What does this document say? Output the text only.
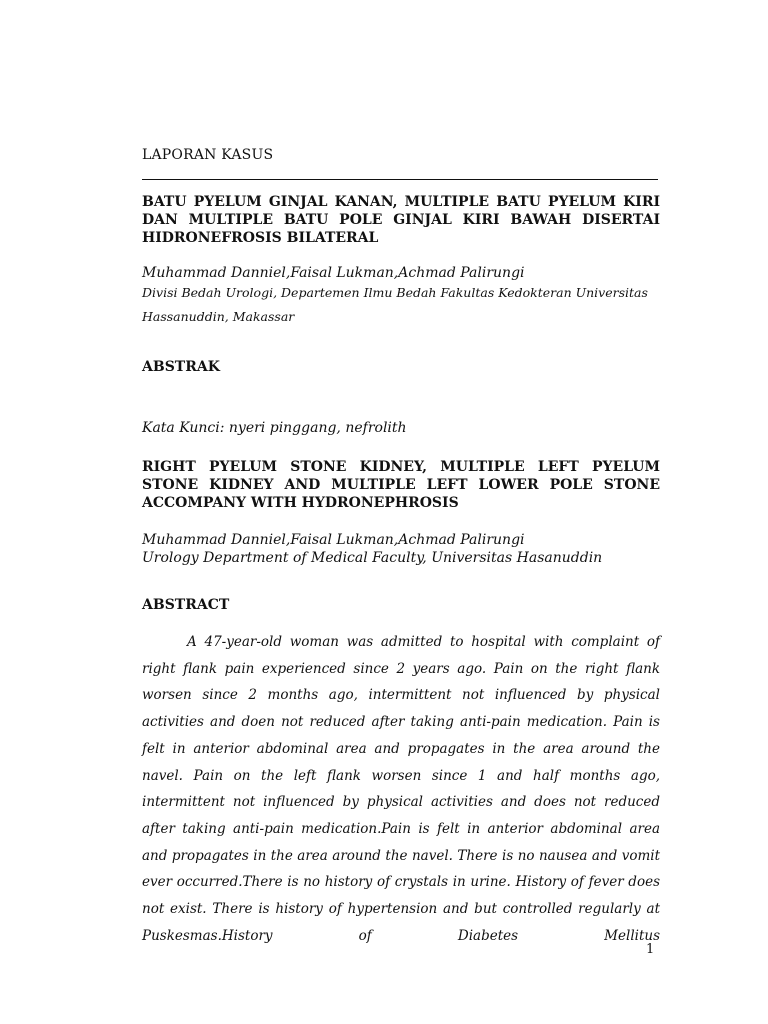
LAPORAN KASUS
BATU PYELUM GINJAL KANAN, MULTIPLE BATU PYELUM KIRI DAN MULTIPLE BATU POLE GINJAL KIRI BAWAH DISERTAI HIDRONEFROSIS BILATERAL
Muhammad Danniel,Faisal Lukman,Achmad Palirungi
Divisi Bedah Urologi, Departemen Ilmu Bedah Fakultas Kedokteran Universitas Hassanuddin, Makassar
ABSTRAK
Kata Kunci: nyeri pinggang, nefrolith
RIGHT PYELUM STONE KIDNEY, MULTIPLE LEFT PYELUM STONE KIDNEY AND MULTIPLE LEFT LOWER POLE STONE ACCOMPANY WITH HYDRONEPHROSIS
Muhammad Danniel,Faisal Lukman,Achmad Palirungi
Urology Department of Medical Faculty, Universitas Hasanuddin
ABSTRACT

A 47-year-old woman was admitted to hospital with complaint of right flank pain experienced since 2 years ago. Pain on the right flank worsen since 2 months ago, intermittent not influenced by physical activities and doen not reduced after taking anti-pain medication. Pain is felt in anterior abdominal area and propagates in the area around the navel. Pain on the left flank worsen since 1 and half months ago, intermittent not influenced by physical activities and does not reduced after taking anti-pain medication.Pain is felt in anterior abdominal area and propagates in the area around the navel. There is no nausea and vomit ever occurred.There is no history of crystals in urine. History of fever does not exist. There is history of hypertension and but controlled regularly at Puskesmas.History of Diabetes Mellitus

1
